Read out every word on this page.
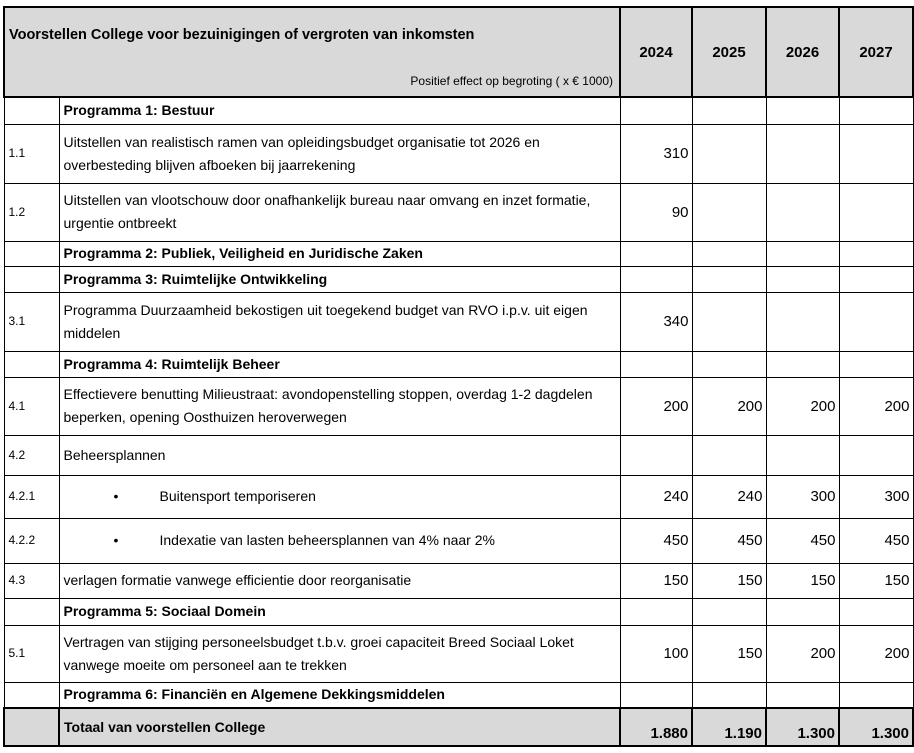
Voorstellen College voor bezuinigingen of vergroten van inkomsten
Positief effect op begroting ( x € 1000)		2024	2025	2026	2027
	Programma 1: Bestuur				
1.1	Uitstellen van realistisch ramen van opleidingsbudget organisatie tot 2026 en overbesteding blijven afboeken bij jaarrekening	310			
1.2	Uitstellen van vlootschouw door onafhankelijk bureau naar omvang en inzet formatie, urgentie ontbreekt	90			
	Programma 2: Publiek, Veiligheid en Juridische Zaken				
	Programma 3: Ruimtelijke Ontwikkeling				
3.1	Programma Duurzaamheid bekostigen uit toegekend budget van RVO i.p.v. uit eigen middelen	340			
	Programma 4: Ruimtelijk Beheer				
4.1	Effectievere benutting Milieustraat: avondopenstelling stoppen, overdag 1-2 dagdelen beperken, opening Oosthuizen heroverwegen	200	200	200	200
4.2	Beheersplannen				
4.2.1	• Buitensport temporiseren	240	240	300	300
4.2.2	• Indexatie van lasten beheersplannen van 4% naar 2%	450	450	450	450
4.3	verlagen formatie vanwege efficientie door reorganisatie	150	150	150	150
	Programma 5: Sociaal Domein				
5.1	Vertragen van stijging personeelsbudget t.b.v. groei capaciteit Breed Sociaal Loket vanwege moeite om personeel aan te trekken	100	150	200	200
	Programma 6: Financiën en Algemene Dekkingsmiddelen				
	Totaal van voorstellen College	1.880	1.190	1.300	1.300
